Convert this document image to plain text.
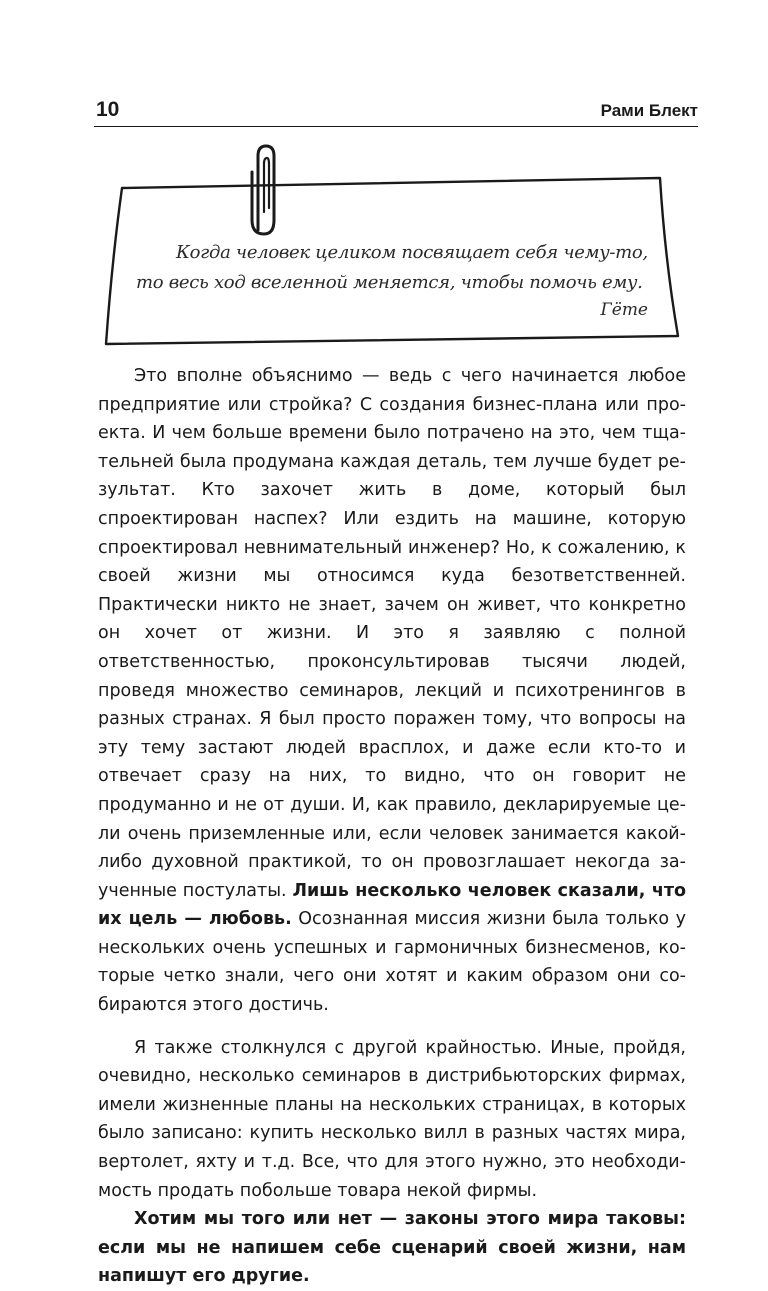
10	Рами Блект

Когда человек целиком посвящает себя чему-то, то весь ход вселенной меняется, чтобы помочь ему.

Гёте

Это вполне объяснимо — ведь с чего начинается любое предприятие или стройка? С создания бизнес-плана или проекта. И чем больше времени было потрачено на это, чем тщательней была продумана каждая деталь, тем лучше будет результат. Кто захочет жить в доме, который был спроектирован наспех? Или ездить на машине, которую спроектировал невнимательный инженер? Но, к сожалению, к своей жизни мы относимся куда безответственней. Практически никто не знает, зачем он живет, что конкретно он хочет от жизни. И это я заявляю с полной ответственностью, проконсультировав тысячи людей, проведя множество семинаров, лекций и психотренингов в разных странах. Я был просто поражен тому, что вопросы на эту тему застают людей врасплох, и даже если кто-то и отвечает сразу на них, то видно, что он говорит не продуманно и не от души. И, как правило, декларируемые цели очень приземленные или, если человек занимается какойлибо духовной практикой, то он провозглашает некогда заученные постулаты. Лишь несколько человек сказали, что их цель — любовь. Осознанная миссия жизни была только у нескольких очень успешных и гармоничных бизнесменов, которые четко знали, чего они хотят и каким образом они собираются этого достичь.

Я также столкнулся с другой крайностью. Иные, пройдя, очевидно, несколько семинаров в дистрибьюторских фирмах, имели жизненные планы на нескольких страницах, в которых было записано: купить несколько вилл в разных частях мира, вертолет, яхту и т.д. Все, что для этого нужно, это необходимость продать побольше товара некой фирмы.

Хотим мы того или нет — законы этого мира таковы: если мы не напишем себе сценарий своей жизни, нам напишут его другие.
